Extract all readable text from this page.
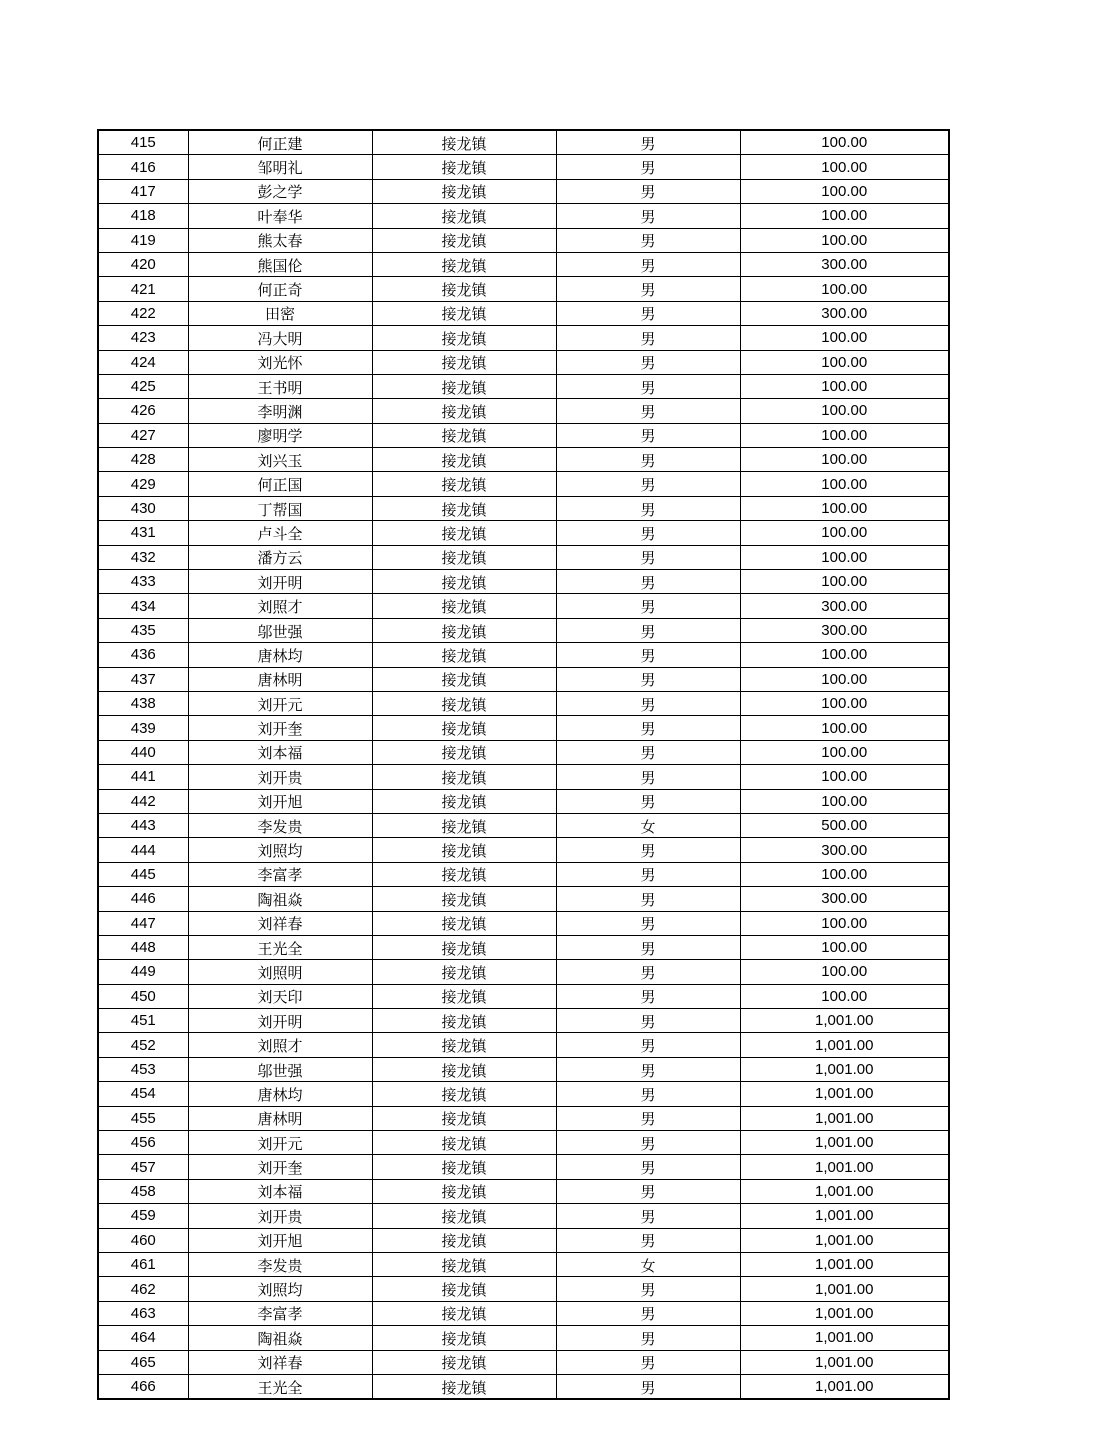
415	何正建	接龙镇	男	100.00
416	邹明礼	接龙镇	男	100.00
417	彭之学	接龙镇	男	100.00
418	叶奉华	接龙镇	男	100.00
419	熊太春	接龙镇	男	100.00
420	熊国伦	接龙镇	男	300.00
421	何正奇	接龙镇	男	100.00
422	田密	接龙镇	男	300.00
423	冯大明	接龙镇	男	100.00
424	刘光怀	接龙镇	男	100.00
425	王书明	接龙镇	男	100.00
426	李明渊	接龙镇	男	100.00
427	廖明学	接龙镇	男	100.00
428	刘兴玉	接龙镇	男	100.00
429	何正国	接龙镇	男	100.00
430	丁帮国	接龙镇	男	100.00
431	卢斗全	接龙镇	男	100.00
432	潘方云	接龙镇	男	100.00
433	刘开明	接龙镇	男	100.00
434	刘照才	接龙镇	男	300.00
435	邬世强	接龙镇	男	300.00
436	唐林均	接龙镇	男	100.00
437	唐林明	接龙镇	男	100.00
438	刘开元	接龙镇	男	100.00
439	刘开奎	接龙镇	男	100.00
440	刘本福	接龙镇	男	100.00
441	刘开贵	接龙镇	男	100.00
442	刘开旭	接龙镇	男	100.00
443	李发贵	接龙镇	女	500.00
444	刘照均	接龙镇	男	300.00
445	李富孝	接龙镇	男	100.00
446	陶祖焱	接龙镇	男	300.00
447	刘祥春	接龙镇	男	100.00
448	王光全	接龙镇	男	100.00
449	刘照明	接龙镇	男	100.00
450	刘天印	接龙镇	男	100.00
451	刘开明	接龙镇	男	1,001.00
452	刘照才	接龙镇	男	1,001.00
453	邬世强	接龙镇	男	1,001.00
454	唐林均	接龙镇	男	1,001.00
455	唐林明	接龙镇	男	1,001.00
456	刘开元	接龙镇	男	1,001.00
457	刘开奎	接龙镇	男	1,001.00
458	刘本福	接龙镇	男	1,001.00
459	刘开贵	接龙镇	男	1,001.00
460	刘开旭	接龙镇	男	1,001.00
461	李发贵	接龙镇	女	1,001.00
462	刘照均	接龙镇	男	1,001.00
463	李富孝	接龙镇	男	1,001.00
464	陶祖焱	接龙镇	男	1,001.00
465	刘祥春	接龙镇	男	1,001.00
466	王光全	接龙镇	男	1,001.00
